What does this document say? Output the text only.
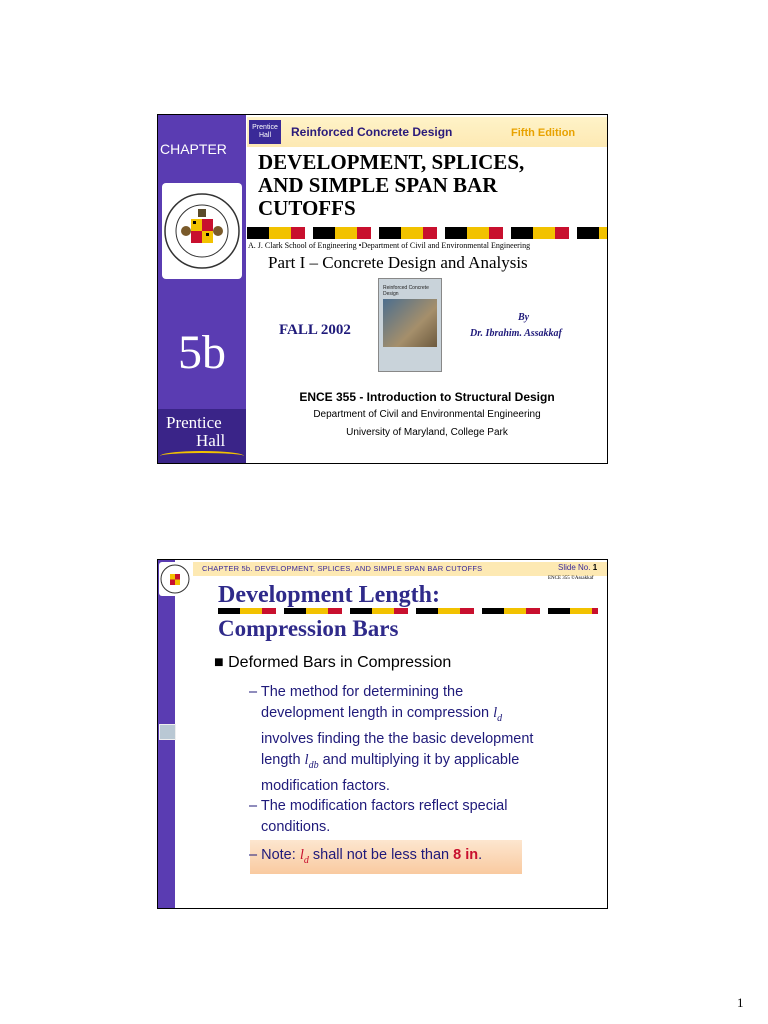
CHAPTER
5b
Prentice
Hall
Prentice
Hall	Reinforced Concrete Design	Fifth Edition
DEVELOPMENT, SPLICES,
AND SIMPLE SPAN BAR
CUTOFFS
A. J. Clark School of Engineering •Department of Civil and Environmental Engineering
Part I – Concrete Design and Analysis
Reinforced Concrete Design
FALL 2002
By
Dr. Ibrahim. Assakkaf
ENCE 355 - Introduction to Structural Design
Department of Civil and Environmental Engineering
University of Maryland, College Park
CHAPTER 5b. DEVELOPMENT, SPLICES, AND SIMPLE SPAN BAR CUTOFFS	Slide No. 1
ENCE 355 ©Assakkaf
Development Length:
Compression Bars
■ Deformed Bars in Compression
– The method for determining the
development length in compression $l_d$
involves finding the the basic development
length $l_{db}$ and multiplying it by applicable
modification factors.
– The modification factors reflect special
conditions.
– Note: $l_d$ shall not be less than 8 in.
1
